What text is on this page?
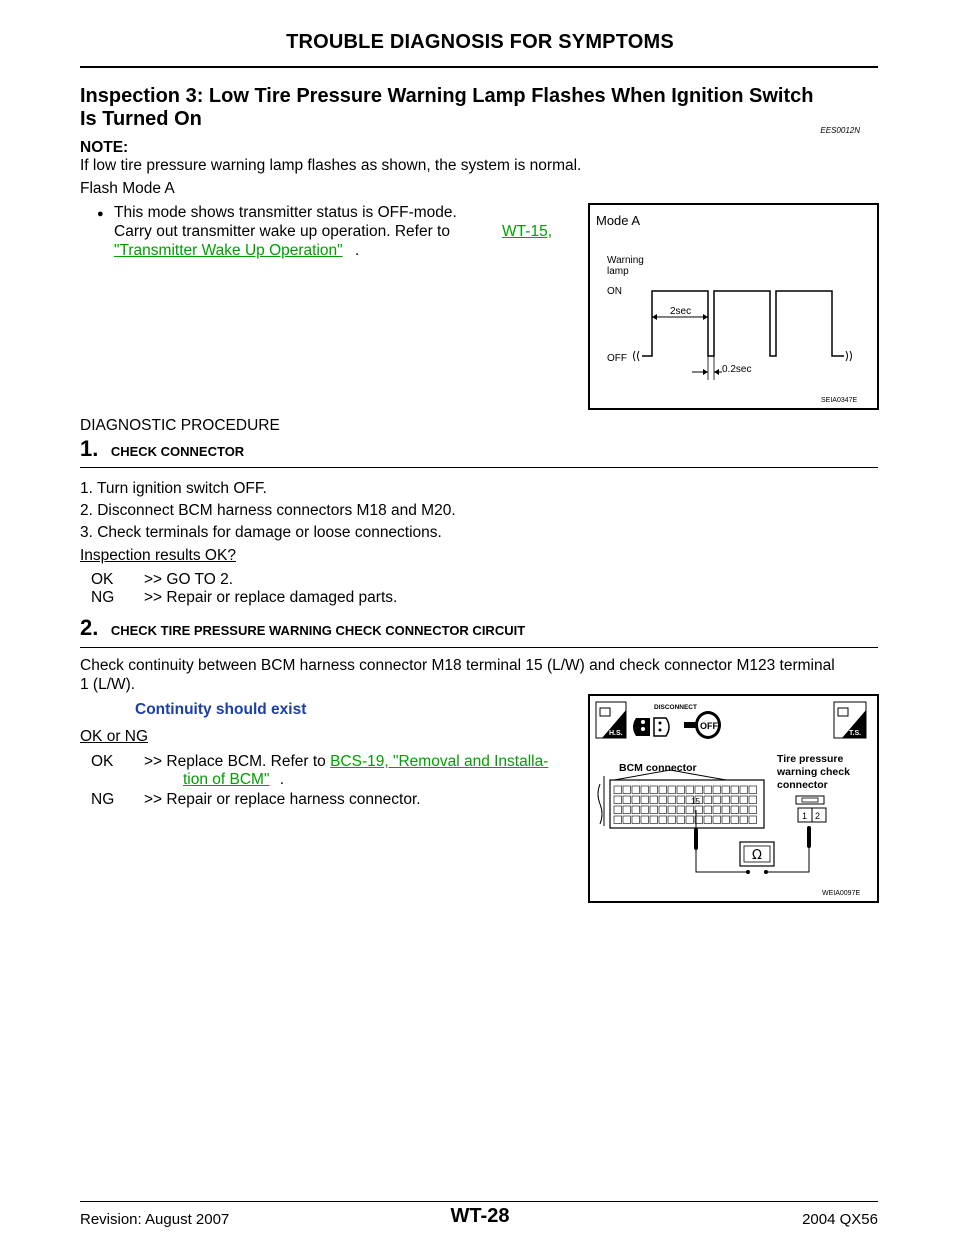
TROUBLE DIAGNOSIS FOR SYMPTOMS
Inspection 3: Low Tire Pressure Warning Lamp Flashes When Ignition Switch
Is Turned On
EES0012N
NOTE:
If low tire pressure warning lamp flashes as shown, the system is normal.
Flash Mode A
● This mode shows transmitter status is OFF-mode.
Carry out transmitter wake up operation. Refer to	WT-15,
"Transmitter Wake Up Operation" .
Mode A
Warning
lamp
ON
OFF
2sec
0.2sec
SEIA0347E
DIAGNOSTIC PROCEDURE
1. CHECK CONNECTOR
1. Turn ignition switch OFF.
2. Disconnect BCM harness connectors M18 and M20.
3. Check terminals for damage or loose connections.
Inspection results OK?
OK >> GO TO 2.
NG >> Repair or replace damaged parts.
2. CHECK TIRE PRESSURE WARNING CHECK CONNECTOR CIRCUIT
Check continuity between BCM harness connector M18 terminal 15 (L/W) and check connector M123 terminal
1 (L/W).
Continuity should exist
OK or NG
OK >> Replace BCM. Refer to BCS-19, "Removal and Installa-
tion of BCM" .
NG >> Repair or replace harness connector.
H.S.
DISCONNECT
OFF
T.S.
BCM connector
Tire pressure
warning check
connector
15
1 2
Ω
WEIA0097E
Revision: August 2007	WT-28	2004 QX56
